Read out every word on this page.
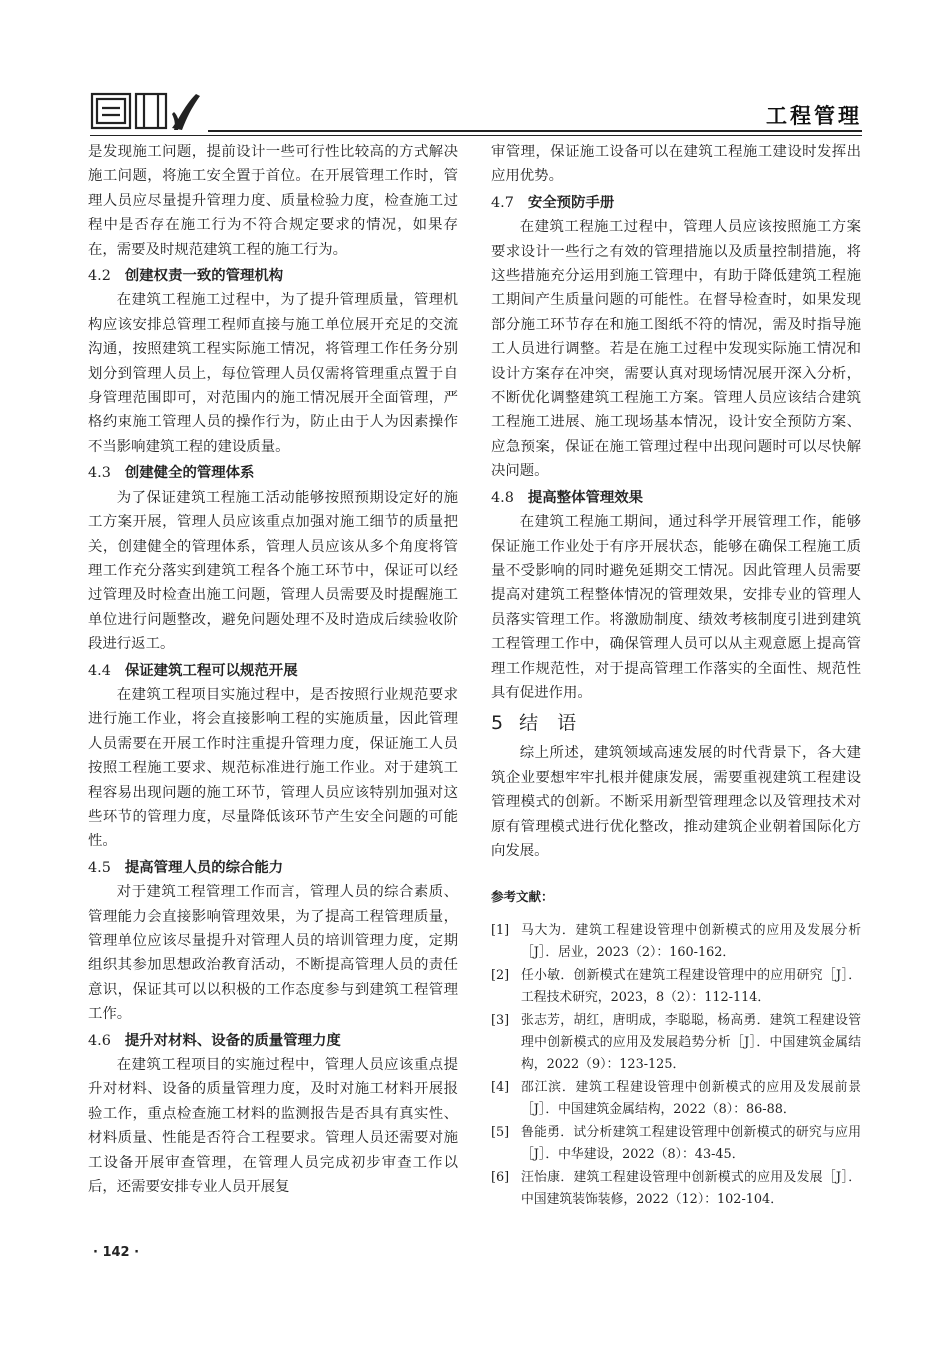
工程管理

是发现施工问题，提前设计一些可行性比较高的方式解决施工问题，将施工安全置于首位。在开展管理工作时，管理人员应尽量提升管理力度、质量检验力度，检查施工过程中是否存在施工行为不符合规定要求的情况，如果存在，需要及时规范建筑工程的施工行为。

4.2 创建权责一致的管理机构

在建筑工程施工过程中，为了提升管理质量，管理机构应该安排总管理工程师直接与施工单位展开充足的交流沟通，按照建筑工程实际施工情况，将管理工作任务分别划分到管理人员上，每位管理人员仅需将管理重点置于自身管理范围即可，对范围内的施工情况展开全面管理，严格约束施工管理人员的操作行为，防止由于人为因素操作不当影响建筑工程的建设质量。

4.3 创建健全的管理体系

为了保证建筑工程施工活动能够按照预期设定好的施工方案开展，管理人员应该重点加强对施工细节的质量把关，创建健全的管理体系，管理人员应该从多个角度将管理工作充分落实到建筑工程各个施工环节中，保证可以经过管理及时检查出施工问题，管理人员需要及时提醒施工单位进行问题整改，避免问题处理不及时造成后续验收阶段进行返工。

4.4 保证建筑工程可以规范开展

在建筑工程项目实施过程中，是否按照行业规范要求进行施工作业，将会直接影响工程的实施质量，因此管理人员需要在开展工作时注重提升管理力度，保证施工人员按照工程施工要求、规范标准进行施工作业。对于建筑工程容易出现问题的施工环节，管理人员应该特别加强对这些环节的管理力度，尽量降低该环节产生安全问题的可能性。

4.5 提高管理人员的综合能力

对于建筑工程管理工作而言，管理人员的综合素质、管理能力会直接影响管理效果，为了提高工程管理质量，管理单位应该尽量提升对管理人员的培训管理力度，定期组织其参加思想政治教育活动，不断提高管理人员的责任意识，保证其可以以积极的工作态度参与到建筑工程管理工作。

4.6 提升对材料、设备的质量管理力度

在建筑工程项目的实施过程中，管理人员应该重点提升对材料、设备的质量管理力度，及时对施工材料开展报验工作，重点检查施工材料的监测报告是否具有真实性、材料质量、性能是否符合工程要求。管理人员还需要对施工设备开展审查管理，在管理人员完成初步审查工作以后，还需要安排专业人员开展复

审管理，保证施工设备可以在建筑工程施工建设时发挥出应用优势。

4.7 安全预防手册

在建筑工程施工过程中，管理人员应该按照施工方案要求设计一些行之有效的管理措施以及质量控制措施，将这些措施充分运用到施工管理中，有助于降低建筑工程施工期间产生质量问题的可能性。在督导检查时，如果发现部分施工环节存在和施工图纸不符的情况，需及时指导施工人员进行调整。若是在施工过程中发现实际施工情况和设计方案存在冲突，需要认真对现场情况展开深入分析，不断优化调整建筑工程施工方案。管理人员应该结合建筑工程施工进展、施工现场基本情况，设计安全预防方案、应急预案，保证在施工管理过程中出现问题时可以尽快解决问题。

4.8 提高整体管理效果

在建筑工程施工期间，通过科学开展管理工作，能够保证施工作业处于有序开展状态，能够在确保工程施工质量不受影响的同时避免延期交工情况。因此管理人员需要提高对建筑工程整体情况的管理效果，安排专业的管理人员落实管理工作。将激励制度、绩效考核制度引进到建筑工程管理工作中，确保管理人员可以从主观意愿上提高管理工作规范性，对于提高管理工作落实的全面性、规范性具有促进作用。

5 结　语

综上所述，建筑领域高速发展的时代背景下，各大建筑企业要想牢牢扎根并健康发展，需要重视建筑工程建设管理模式的创新。不断采用新型管理理念以及管理技术对原有管理模式进行优化整改，推动建筑企业朝着国际化方向发展。

参考文献：
[1] 马大为．建筑工程建设管理中创新模式的应用及发展分析［J］．居业，2023（2）：160-162．
[2] 任小敏．创新模式在建筑工程建设管理中的应用研究［J］．工程技术研究，2023，8（2）：112-114．
[3] 张志芳，胡红，唐明成，李聪聪，杨高勇．建筑工程建设管理中创新模式的应用及发展趋势分析［J］．中国建筑金属结构，2022（9）：123-125．
[4] 邵江滨．建筑工程建设管理中创新模式的应用及发展前景［J］．中国建筑金属结构，2022（8）：86-88．
[5] 鲁能勇．试分析建筑工程建设管理中创新模式的研究与应用［J］．中华建设，2022（8）：43-45．
[6] 汪怡康．建筑工程建设管理中创新模式的应用及发展［J］．中国建筑装饰装修，2022（12）：102-104．
· 142 ·
